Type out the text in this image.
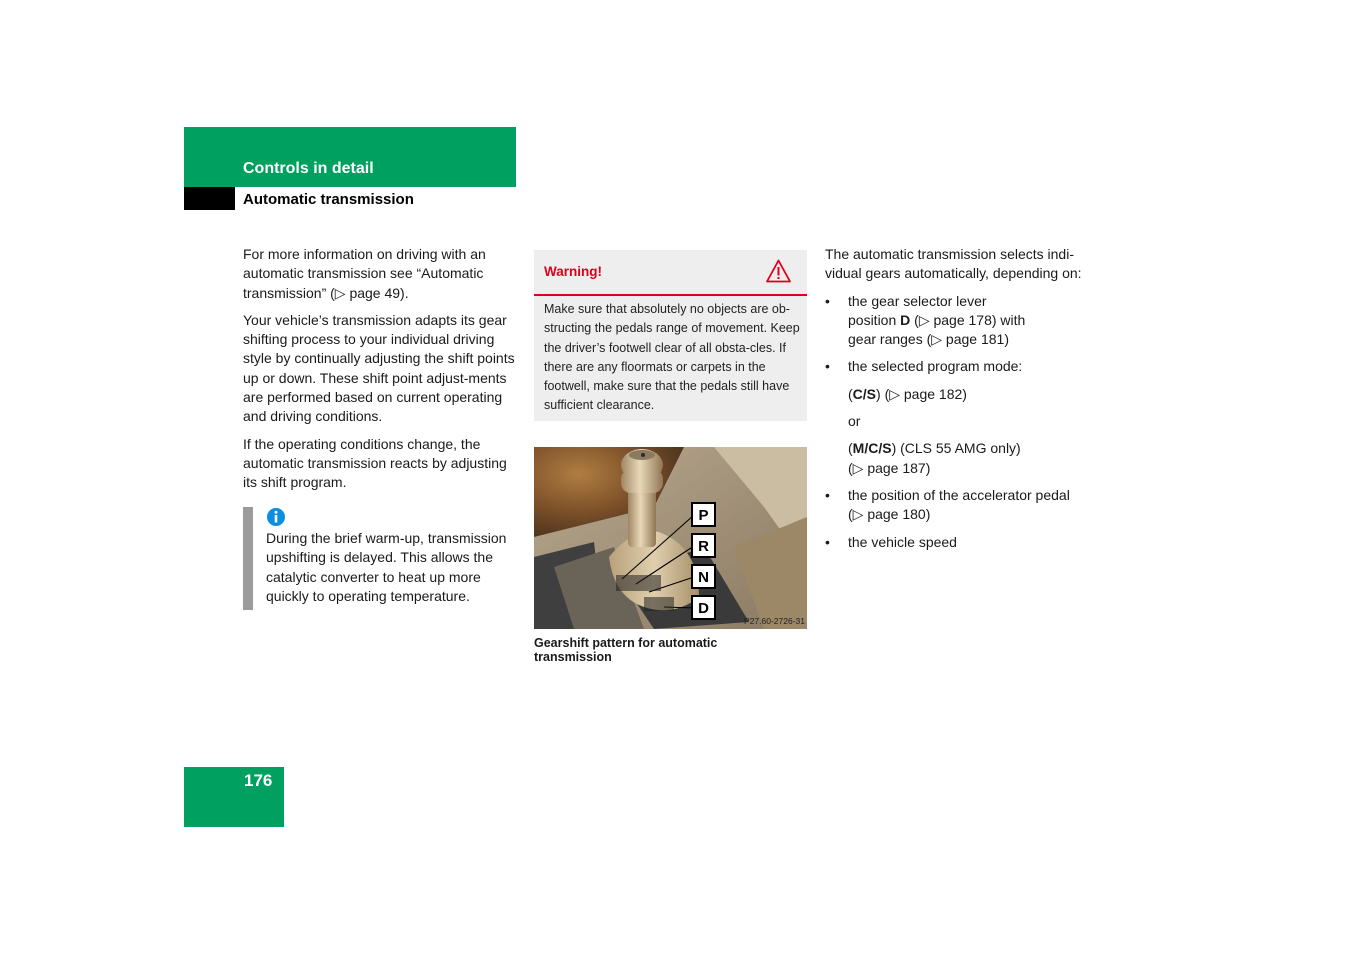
Controls in detail
Automatic transmission

For more information on driving with an automatic transmission see “Automatic transmission” (▷ page 49).

Your vehicle’s transmission adapts its gear shifting process to your individual driving style by continually adjusting the shift points up or down. These shift point adjust-ments are performed based on current operating and driving conditions.

If the operating conditions change, the automatic transmission reacts by adjusting its shift program.

During the brief warm-up, transmission upshifting is delayed. This allows the catalytic converter to heat up more quickly to operating temperature.
Warning!
Make sure that absolutely no objects are ob-structing the pedals range of movement. Keep the driver’s footwell clear of all obsta-cles. If there are any floormats or carpets in the footwell, make sure that the pedals still have sufficient clearance.
P
R
N
D
P27.60-2726-31
Gearshift pattern for automatic transmission

The automatic transmission selects indi-vidual gears automatically, depending on:

• the gear selector lever
position D (▷ page 178) with
gear ranges (▷ page 181)
• the selected program mode:
(C/S) (▷ page 182)
or
(M/C/S) (CLS 55 AMG only)
(▷ page 187)
• the position of the accelerator pedal
(▷ page 180)
• the vehicle speed
176
